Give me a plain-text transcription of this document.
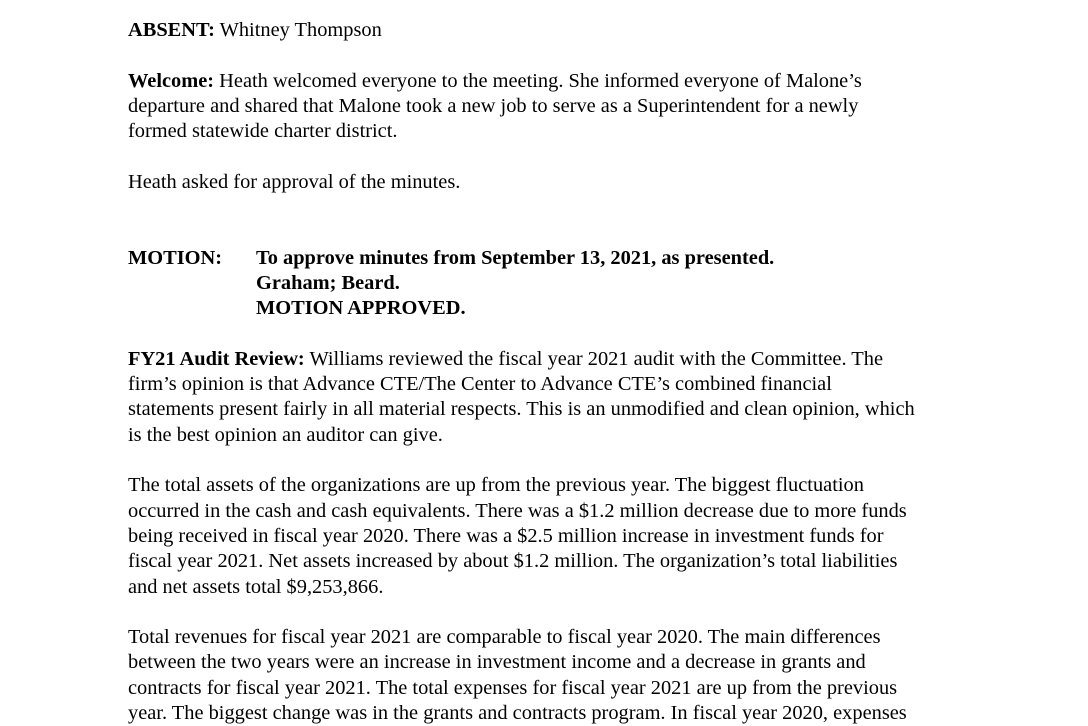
ABSENT: Whitney Thompson

Welcome: Heath welcomed everyone to the meeting. She informed everyone of Malone’s
departure and shared that Malone took a new job to serve as a Superintendent for a newly
formed statewide charter district.

Heath asked for approval of the minutes.

MOTION: To approve minutes from September 13, 2021, as presented.
Graham; Beard.
MOTION APPROVED.
FY21 Audit Review: Williams reviewed the fiscal year 2021 audit with the Committee. The
firm’s opinion is that Advance CTE/The Center to Advance CTE’s combined financial
statements present fairly in all material respects. This is an unmodified and clean opinion, which
is the best opinion an auditor can give.
The total assets of the organizations are up from the previous year. The biggest fluctuation
occurred in the cash and cash equivalents. There was a $1.2 million decrease due to more funds
being received in fiscal year 2020. There was a $2.5 million increase in investment funds for
fiscal year 2021. Net assets increased by about $1.2 million. The organization’s total liabilities
and net assets total $9,253,866.
Total revenues for fiscal year 2021 are comparable to fiscal year 2020. The main differences
between the two years were an increase in investment income and a decrease in grants and
contracts for fiscal year 2021. The total expenses for fiscal year 2021 are up from the previous
year. The biggest change was in the grants and contracts program. In fiscal year 2020, expenses
